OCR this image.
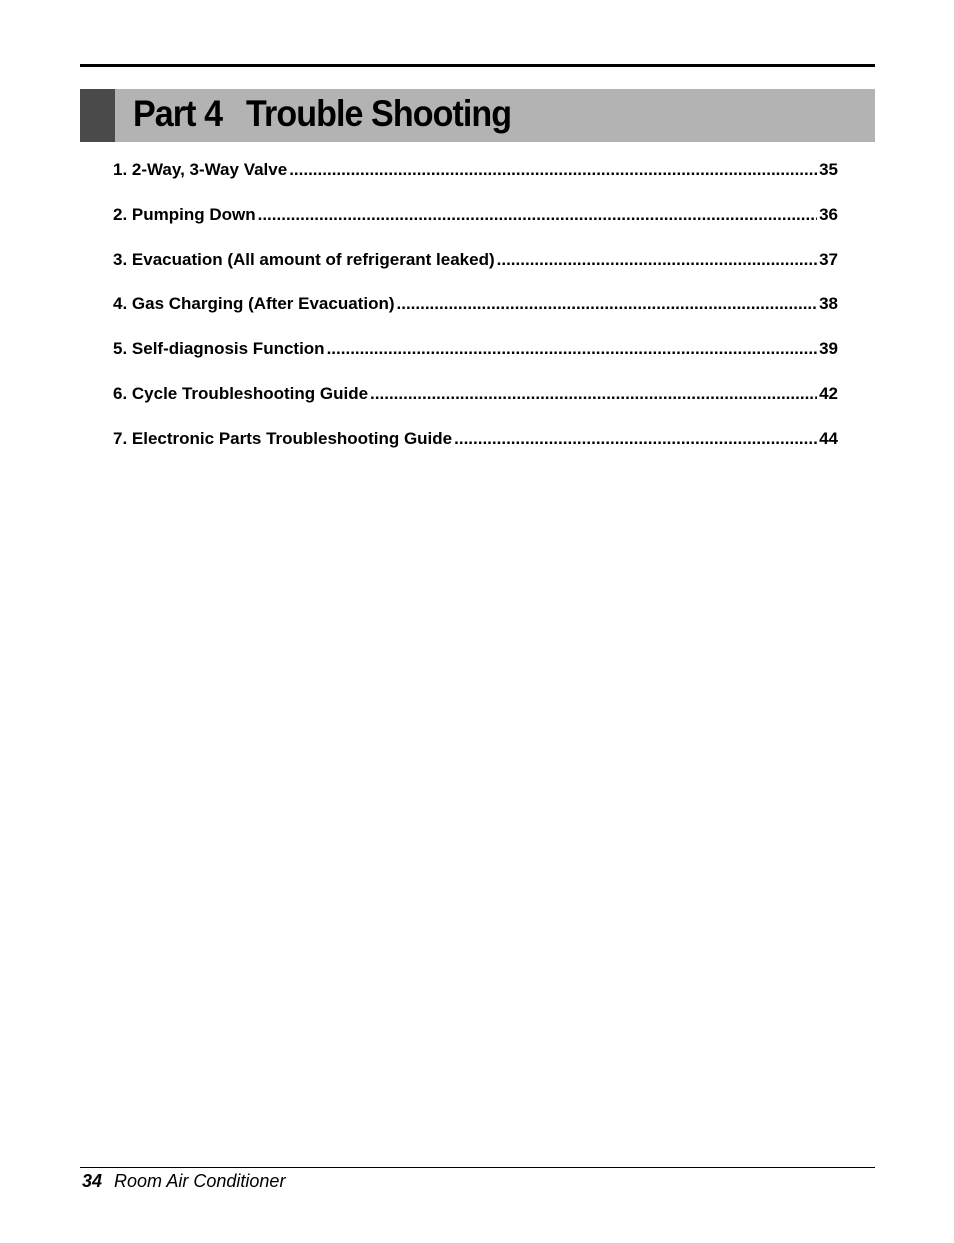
Part 4 Trouble Shooting
1. 2-Way, 3-Way Valve .....	35
2. Pumping Down .....	36
3. Evacuation (All amount of refrigerant leaked) .....	37
4. Gas Charging (After Evacuation) .....	38
5. Self-diagnosis Function .....	39
6. Cycle Troubleshooting Guide .....	42
7. Electronic Parts Troubleshooting Guide .....	44
34 Room Air Conditioner
